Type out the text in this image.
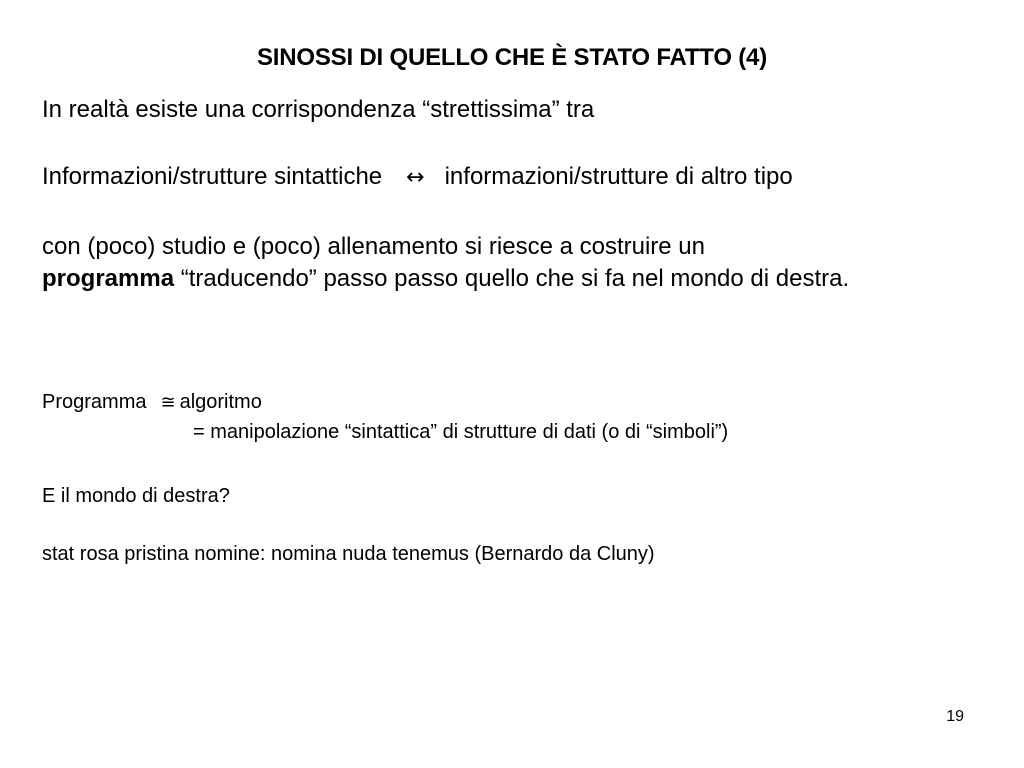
SINOSSI DI QUELLO CHE È STATO FATTO (4)
In realtà esiste una corrispondenza “strettissima” tra
Informazioni/strutture sintattiche ↔ informazioni/strutture di altro tipo
con (poco) studio e (poco) allenamento si riesce a costruire un
programma “traducendo” passo passo quello che si fa nel mondo di destra.
Programma ≅ algoritmo
= manipolazione “sintattica” di strutture di dati (o di “simboli”)
E il mondo di destra?
stat rosa pristina nomine: nomina nuda tenemus (Bernardo da Cluny)
19
